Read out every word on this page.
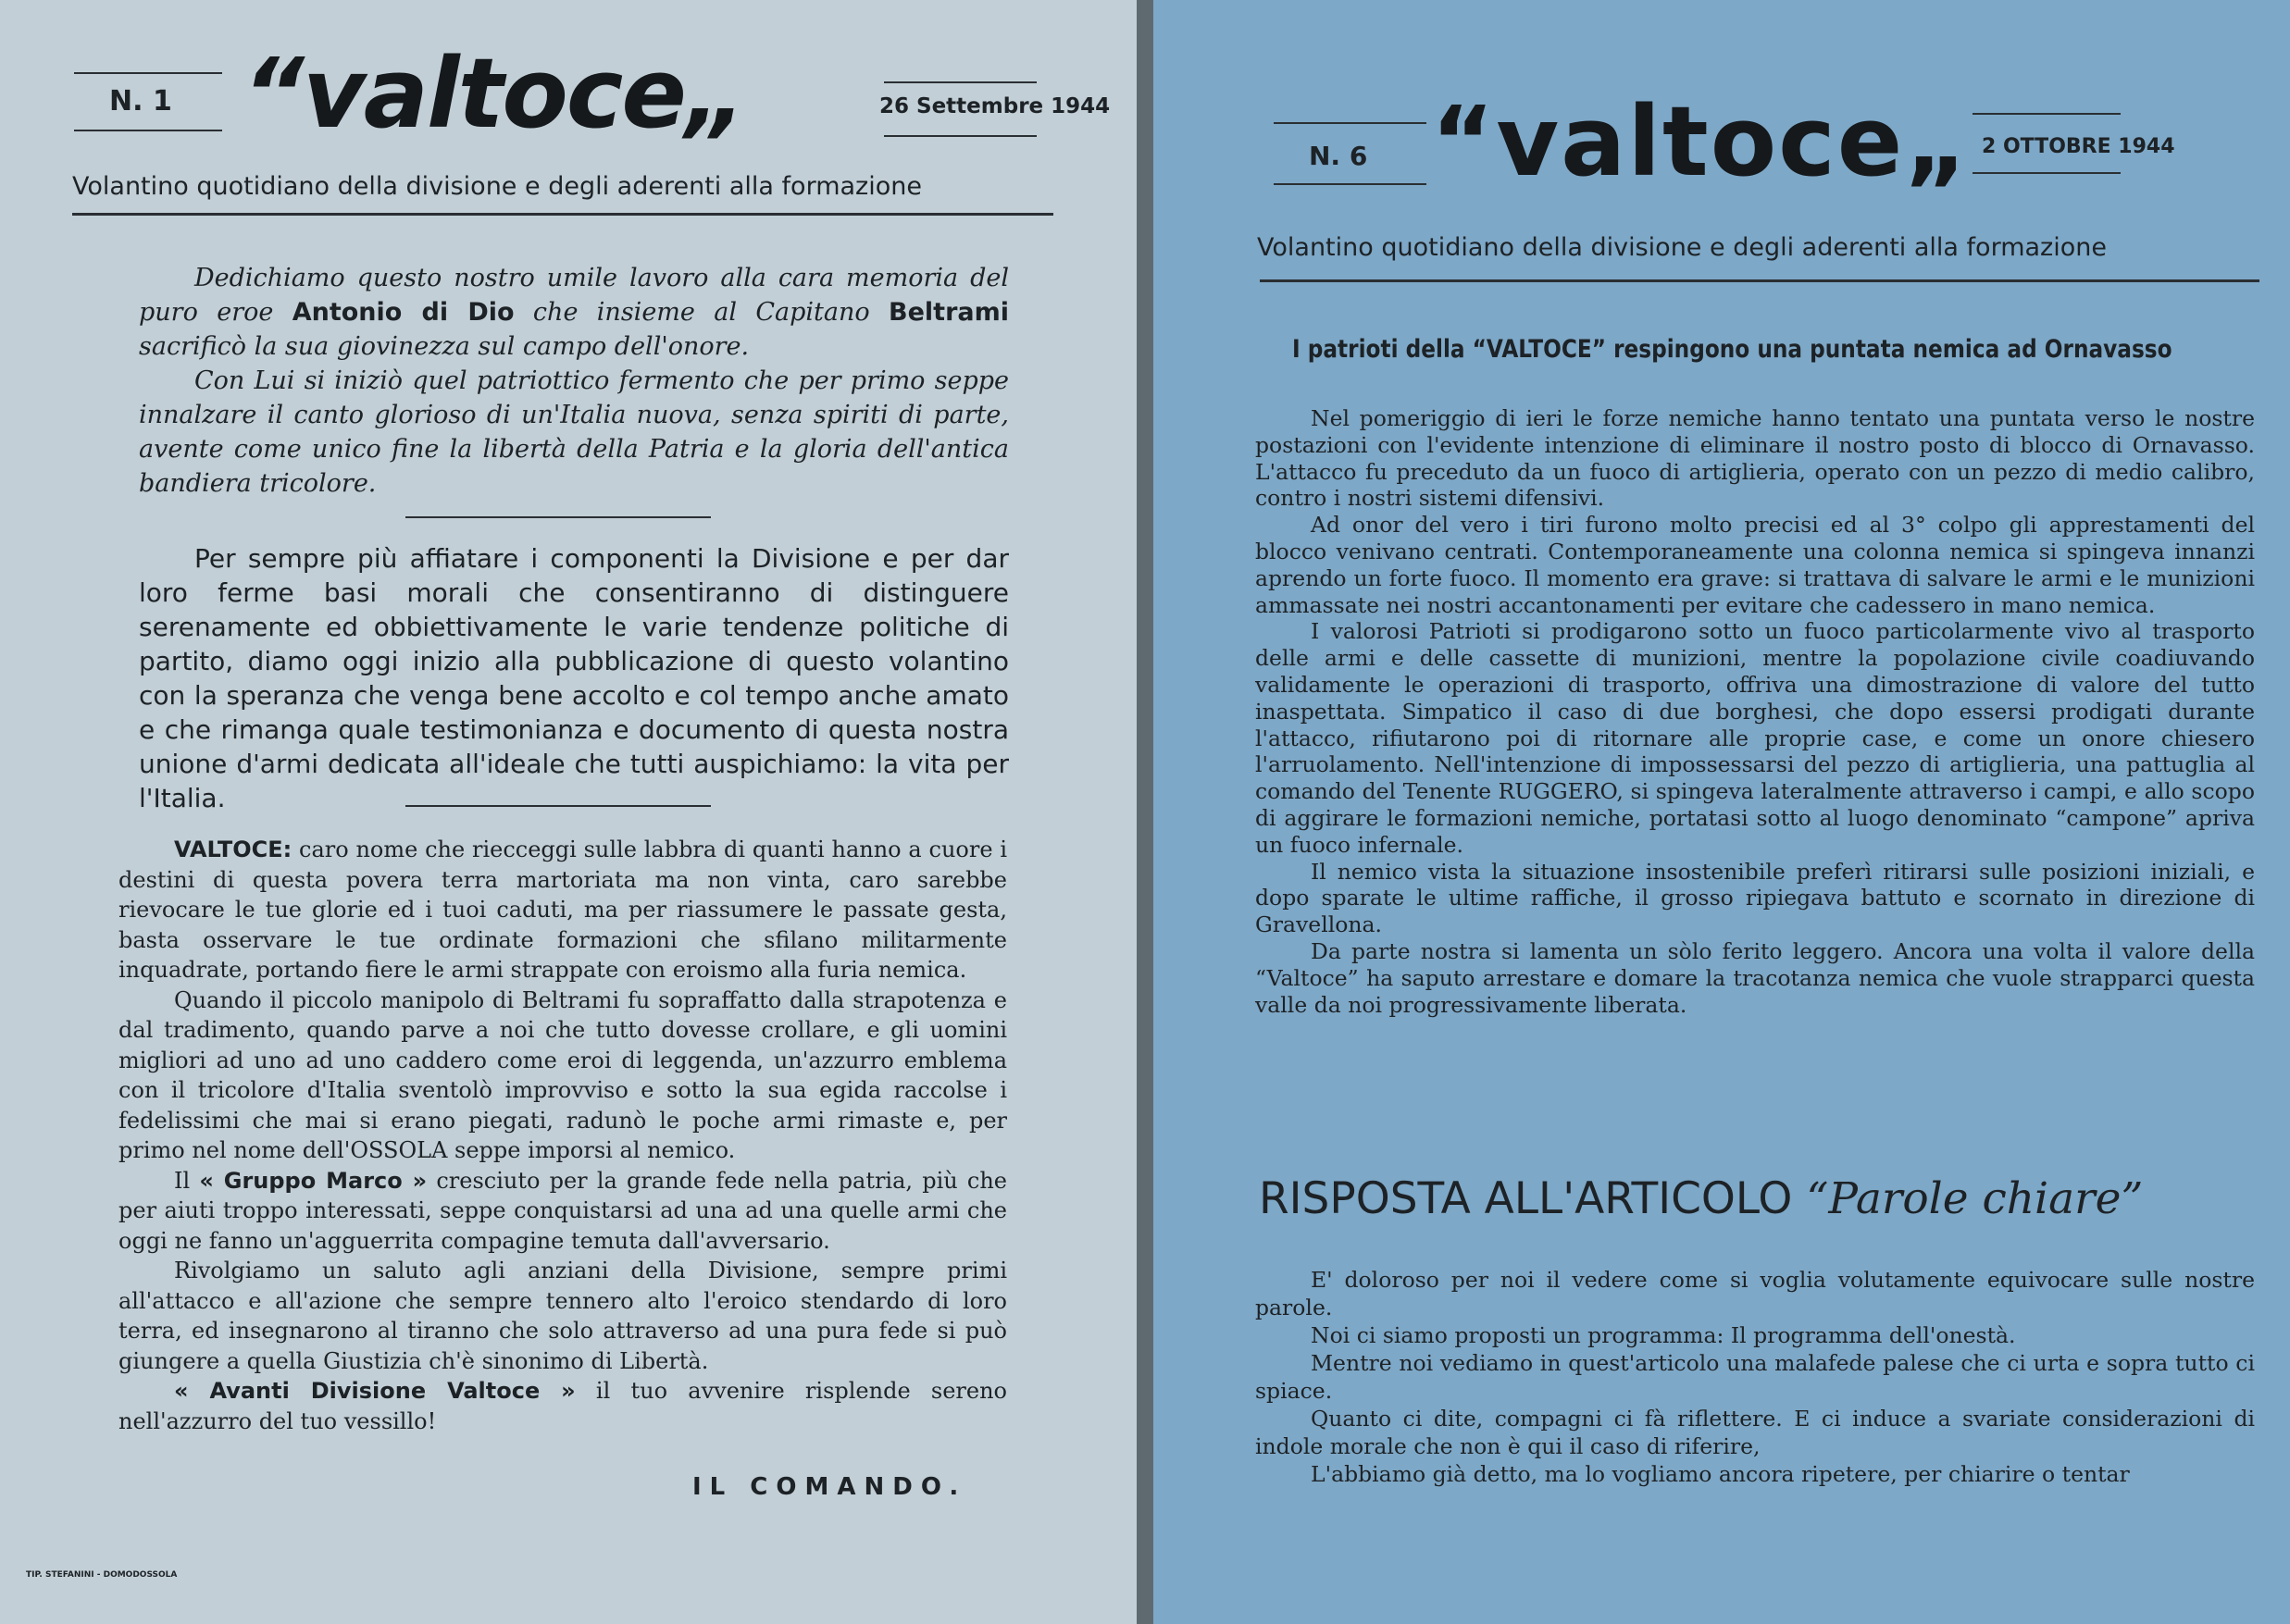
N. 1 “valtoce„	26 Settembre 1944
Volantino quotidiano della divisione e degli aderenti alla formazione

Dedichiamo questo nostro umile lavoro alla cara memoria del puro eroe Antonio di Dio che insieme al Capitano Beltrami sacrificò la sua giovinezza sul campo dell'onore.

Con Lui si iniziò quel patriottico fermento che per primo seppe innalzare il canto glorioso di un'Italia nuova, senza spiriti di parte, avente come unico fine la libertà della Patria e la gloria dell'antica bandiera tricolore.

Per sempre più affiatare i componenti la Divisione e per dar loro ferme basi morali che consentiranno di distinguere serenamente ed obbiettivamente le varie tendenze politiche di partito, diamo oggi inizio alla pubblicazione di questo volantino con la speranza che venga bene accolto e col tempo anche amato e che rimanga quale testimonianza e documento di questa nostra unione d'armi dedicata all'ideale che tutti auspichiamo: la vita per l'Italia.

VALTOCE: caro nome che riecceggi sulle labbra di quanti hanno a cuore i destini di questa povera terra martoriata ma non vinta, caro sarebbe rievocare le tue glorie ed i tuoi caduti, ma per riassumere le passate gesta, basta osservare le tue ordinate formazioni che sfilano militarmente inquadrate, portando fiere le armi strappate con eroismo alla furia nemica.

Quando il piccolo manipolo di Beltrami fu sopraffatto dalla strapotenza e dal tradimento, quando parve a noi che tutto dovesse crollare, e gli uomini migliori ad uno ad uno caddero come eroi di leggenda, un'azzurro emblema con il tricolore d'Italia sventolò improvviso e sotto la sua egida raccolse i fedelissimi che mai si erano piegati, radunò le poche armi rimaste e, per primo nel nome dell'OSSOLA seppe imporsi al nemico.

Il « Gruppo Marco » cresciuto per la grande fede nella patria, più che per aiuti troppo interessati, seppe conquistarsi ad una ad una quelle armi che oggi ne fanno un'agguerrita compagine temuta dall'avversario.

Rivolgiamo un saluto agli anziani della Divisione, sempre primi all'attacco e all'azione che sempre tennero alto l'eroico stendardo di loro terra, ed insegnarono al tiranno che solo attraverso ad una pura fede si può giungere a quella Giustizia ch'è sinonimo di Libertà.

« Avanti Divisione Valtoce » il tuo avvenire risplende sereno nell'azzurro del tuo vessillo!

IL COMANDO.
TIP. STEFANINI - DOMODOSSOLA
N. 6 “valtoce„ 2 OTTOBRE 1944
Volantino quotidiano della divisione e degli aderenti alla formazione
I patrioti della “VALTOCE” respingono una puntata nemica ad Ornavasso

Nel pomeriggio di ieri le forze nemiche hanno tentato una puntata verso le nostre postazioni con l'evidente intenzione di eliminare il nostro posto di blocco di Ornavasso. L'attacco fu preceduto da un fuoco di artiglieria, operato con un pezzo di medio calibro, contro i nostri sistemi difensivi.

Ad onor del vero i tiri furono molto precisi ed al 3° colpo gli apprestamenti del blocco venivano centrati. Contemporaneamente una colonna nemica si spingeva innanzi aprendo un forte fuoco. Il momento era grave: si trattava di salvare le armi e le munizioni ammassate nei nostri accantonamenti per evitare che cadessero in mano nemica.

I valorosi Patrioti si prodigarono sotto un fuoco particolarmente vivo al trasporto delle armi e delle cassette di munizioni, mentre la popolazione civile coadiuvando validamente le operazioni di trasporto, offriva una dimostrazione di valore del tutto inaspettata. Simpatico il caso di due borghesi, che dopo essersi prodigati durante l'attacco, rifiutarono poi di ritornare alle proprie case, e come un onore chiesero l'arruolamento. Nell'intenzione di impossessarsi del pezzo di artiglieria, una pattuglia al comando del Tenente RUGGERO, si spingeva lateralmente attraverso i campi, e allo scopo di aggirare le formazioni nemiche, portatasi sotto al luogo denominato “campone” apriva un fuoco infernale.

Il nemico vista la situazione insostenibile preferì ritirarsi sulle posizioni iniziali, e dopo sparate le ultime raffiche, il grosso ripiegava battuto e scornato in direzione di Gravellona.

Da parte nostra si lamenta un sòlo ferito leggero. Ancora una volta il valore della “Valtoce” ha saputo arrestare e domare la tracotanza nemica che vuole strapparci questa valle da noi progressivamente liberata.

RISPOSTA ALL'ARTICOLO “Parole chiare”

E' doloroso per noi il vedere come si voglia volutamente equivocare sulle nostre parole.

Noi ci siamo proposti un programma: Il programma dell'onestà.

Mentre noi vediamo in quest'articolo una malafede palese che ci urta e sopra tutto ci spiace.

Quanto ci dite, compagni ci fà riflettere. E ci induce a svariate considerazioni di indole morale che non è qui il caso di riferire,

L'abbiamo già detto, ma lo vogliamo ancora ripetere, per chiarire o tentar
